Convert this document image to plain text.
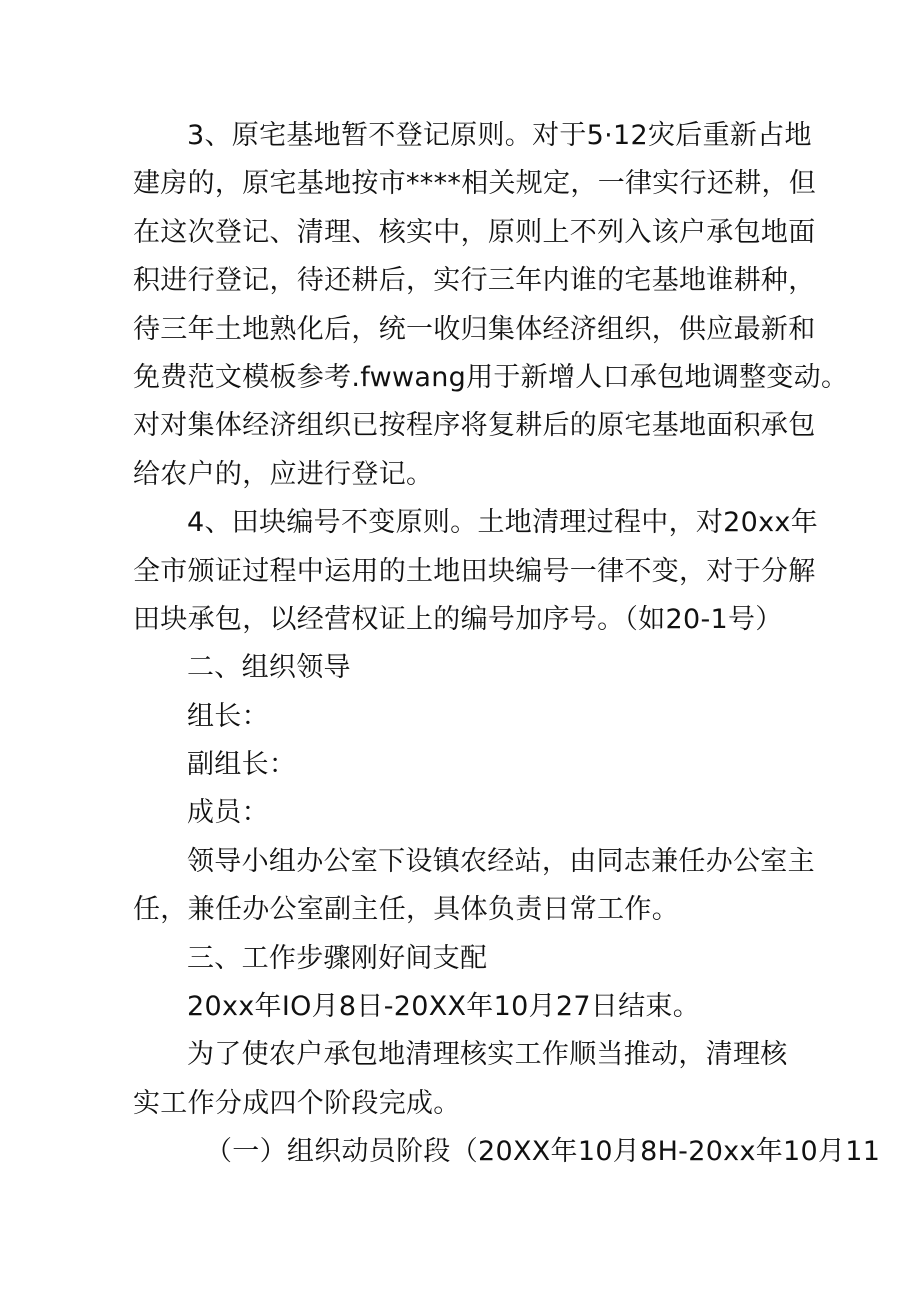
3、原宅基地暂不登记原则。对于5·12灾后重新占地
建房的，原宅基地按市****相关规定，一律实行还耕，但
在这次登记、清理、核实中，原则上不列入该户承包地面
积进行登记，待还耕后，实行三年内谁的宅基地谁耕种，
待三年土地熟化后，统一收归集体经济组织，供应最新和
免费范文模板参考.fwwang用于新增人口承包地调整变动。
对对集体经济组织已按程序将复耕后的原宅基地面积承包
给农户的，应进行登记。
4、田块编号不变原则。土地清理过程中，对20xx年
全市颁证过程中运用的土地田块编号一律不变，对于分解
田块承包，以经营权证上的编号加序号。（如20-1号）
二、组织领导
组长：
副组长：
成员：
领导小组办公室下设镇农经站，由同志兼任办公室主
任，兼任办公室副主任，具体负责日常工作。
三、工作步骤刚好间支配
20xx年IO月8日-20XX年10月27日结束。
为了使农户承包地清理核实工作顺当推动，清理核
实工作分成四个阶段完成。
（一）组织动员阶段（20XX年10月8H-20xx年10月11
